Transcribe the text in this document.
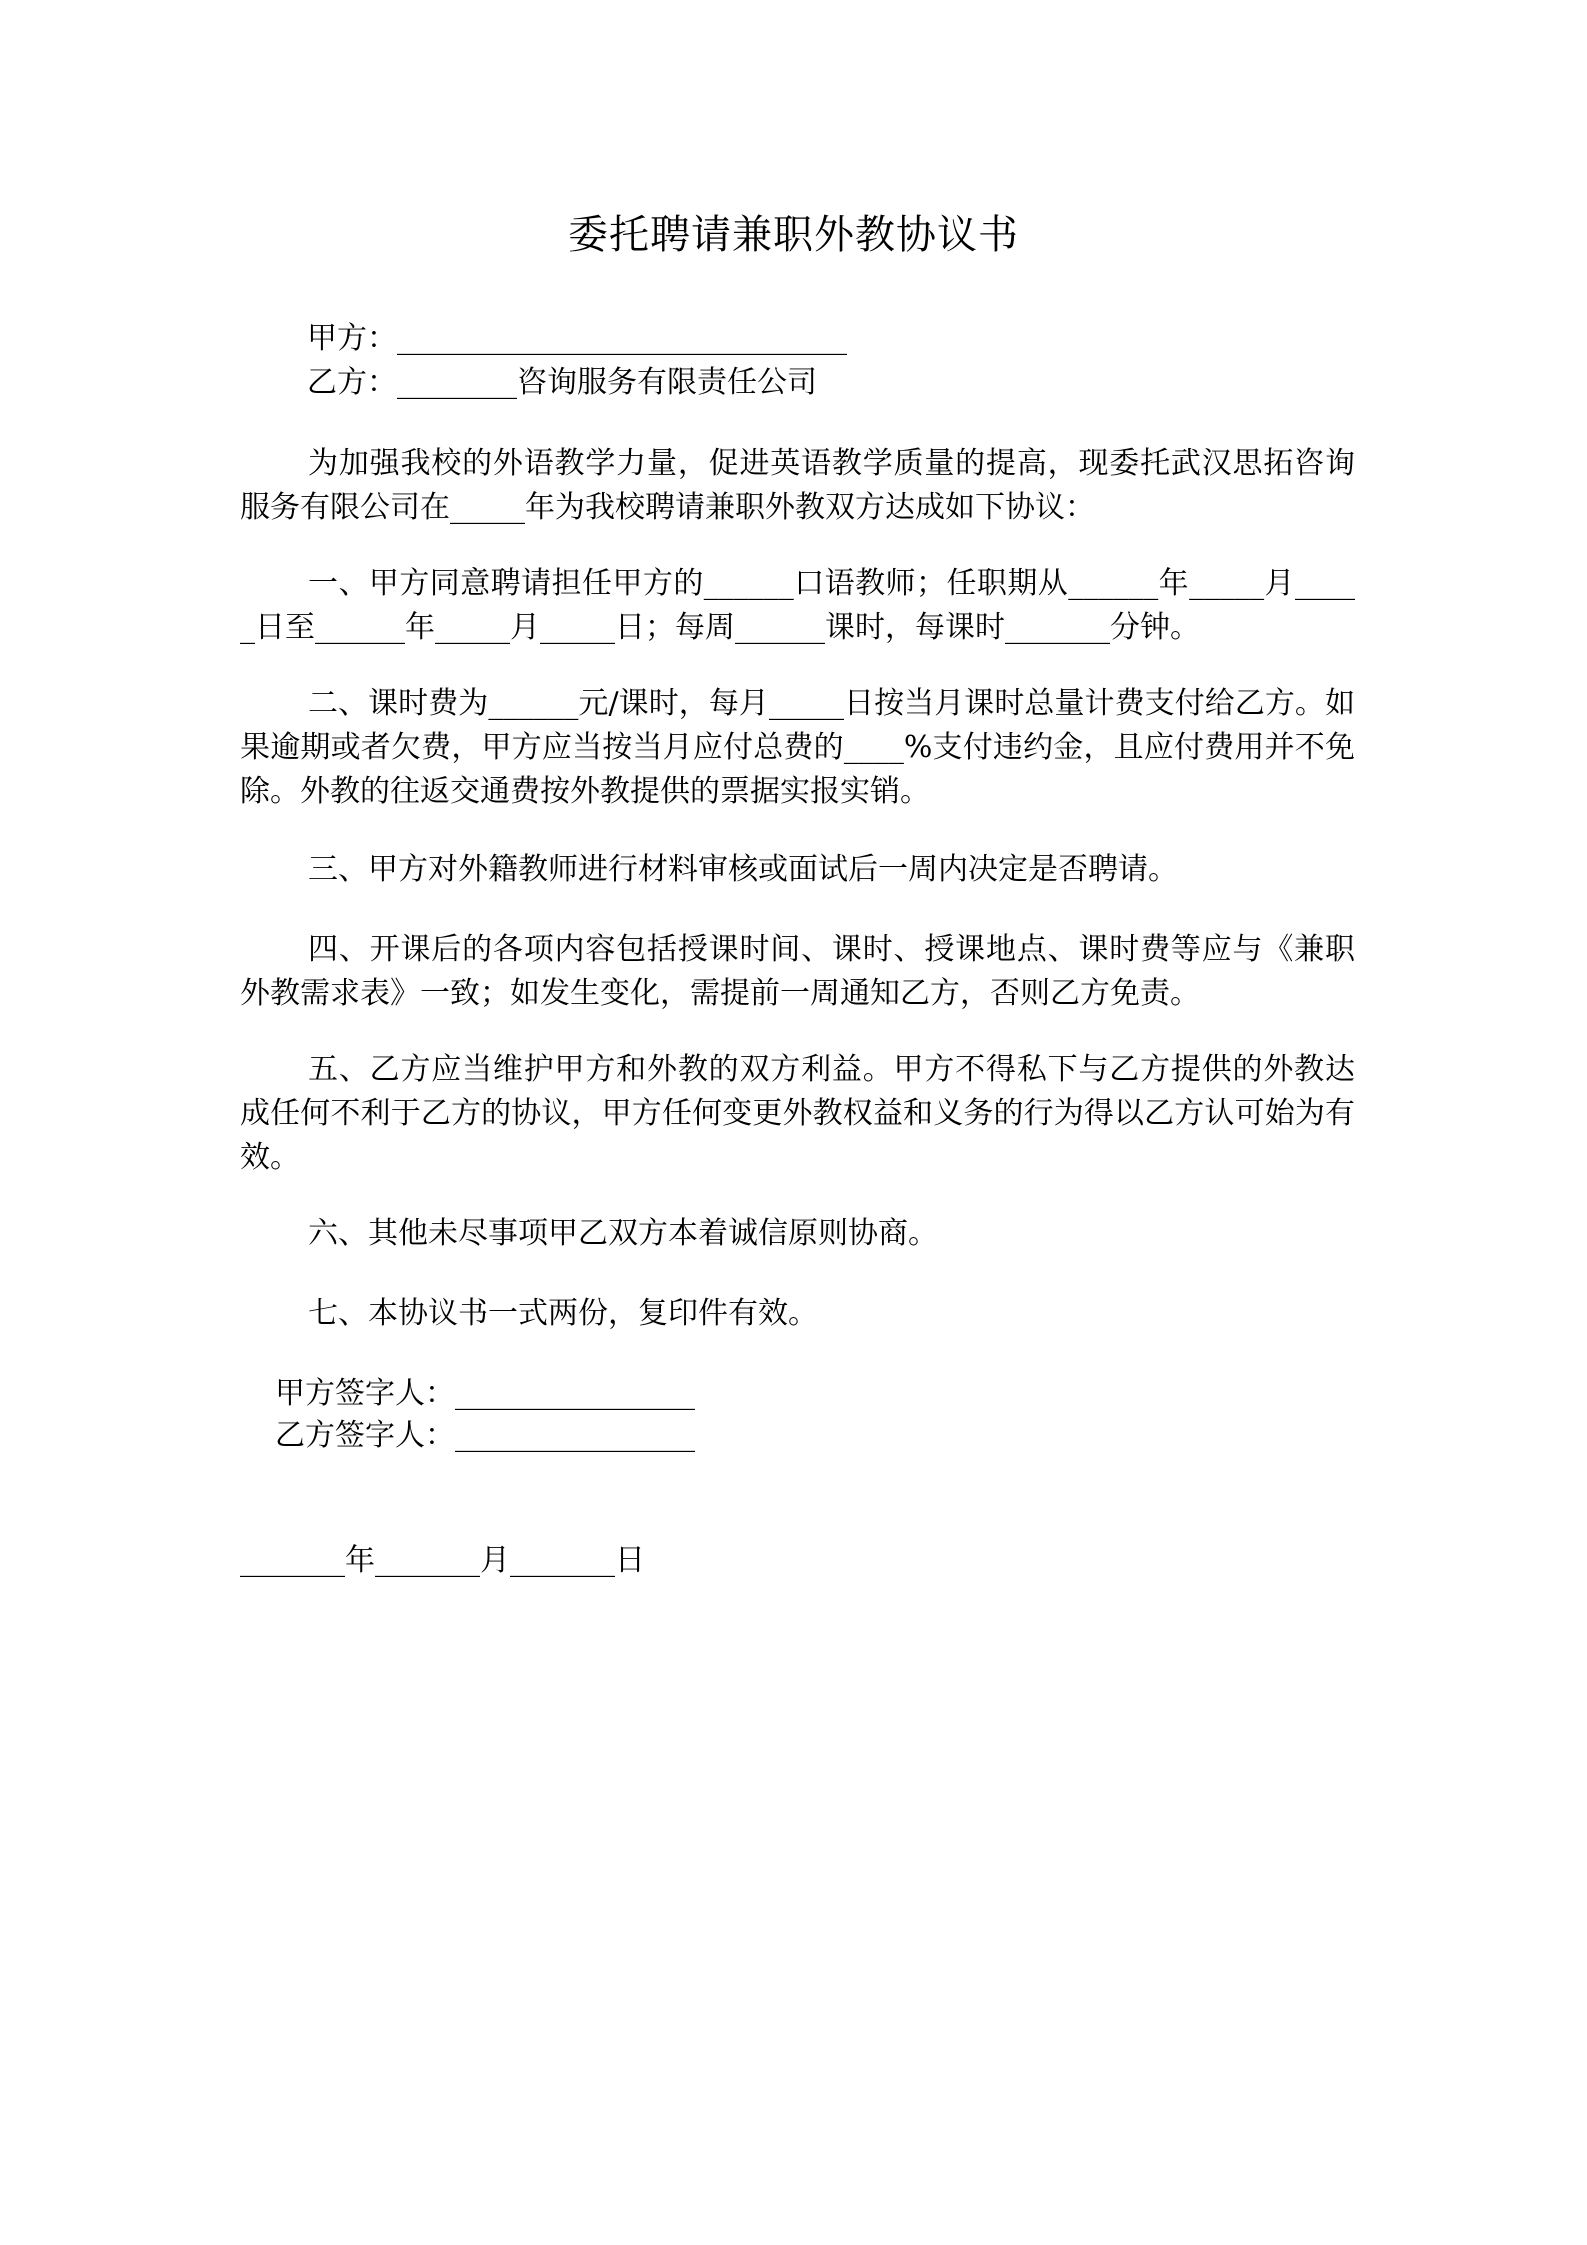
委托聘请兼职外教协议书
甲方：______________________________
乙方：________咨询服务有限责任公司
为加强我校的外语教学力量，促进英语教学质量的提高，现委托武汉思拓咨询服务有限公司在_____年为我校聘请兼职外教双方达成如下协议：
一、甲方同意聘请担任甲方的______口语教师；任职期从______年_____月_____日至______年_____月_____日；每周______课时，每课时_______分钟。
二、课时费为______元/课时，每月_____日按当月课时总量计费支付给乙方。如果逾期或者欠费，甲方应当按当月应付总费的____%支付违约金，且应付费用并不免除。外教的往返交通费按外教提供的票据实报实销。
三、甲方对外籍教师进行材料审核或面试后一周内决定是否聘请。
四、开课后的各项内容包括授课时间、课时、授课地点、课时费等应与《兼职外教需求表》一致；如发生变化，需提前一周通知乙方，否则乙方免责。
五、乙方应当维护甲方和外教的双方利益。甲方不得私下与乙方提供的外教达成任何不利于乙方的协议，甲方任何变更外教权益和义务的行为得以乙方认可始为有效。
六、其他未尽事项甲乙双方本着诚信原则协商。
七、本协议书一式两份，复印件有效。
甲方签字人：________________
乙方签字人：________________
_______年_______月_______日
